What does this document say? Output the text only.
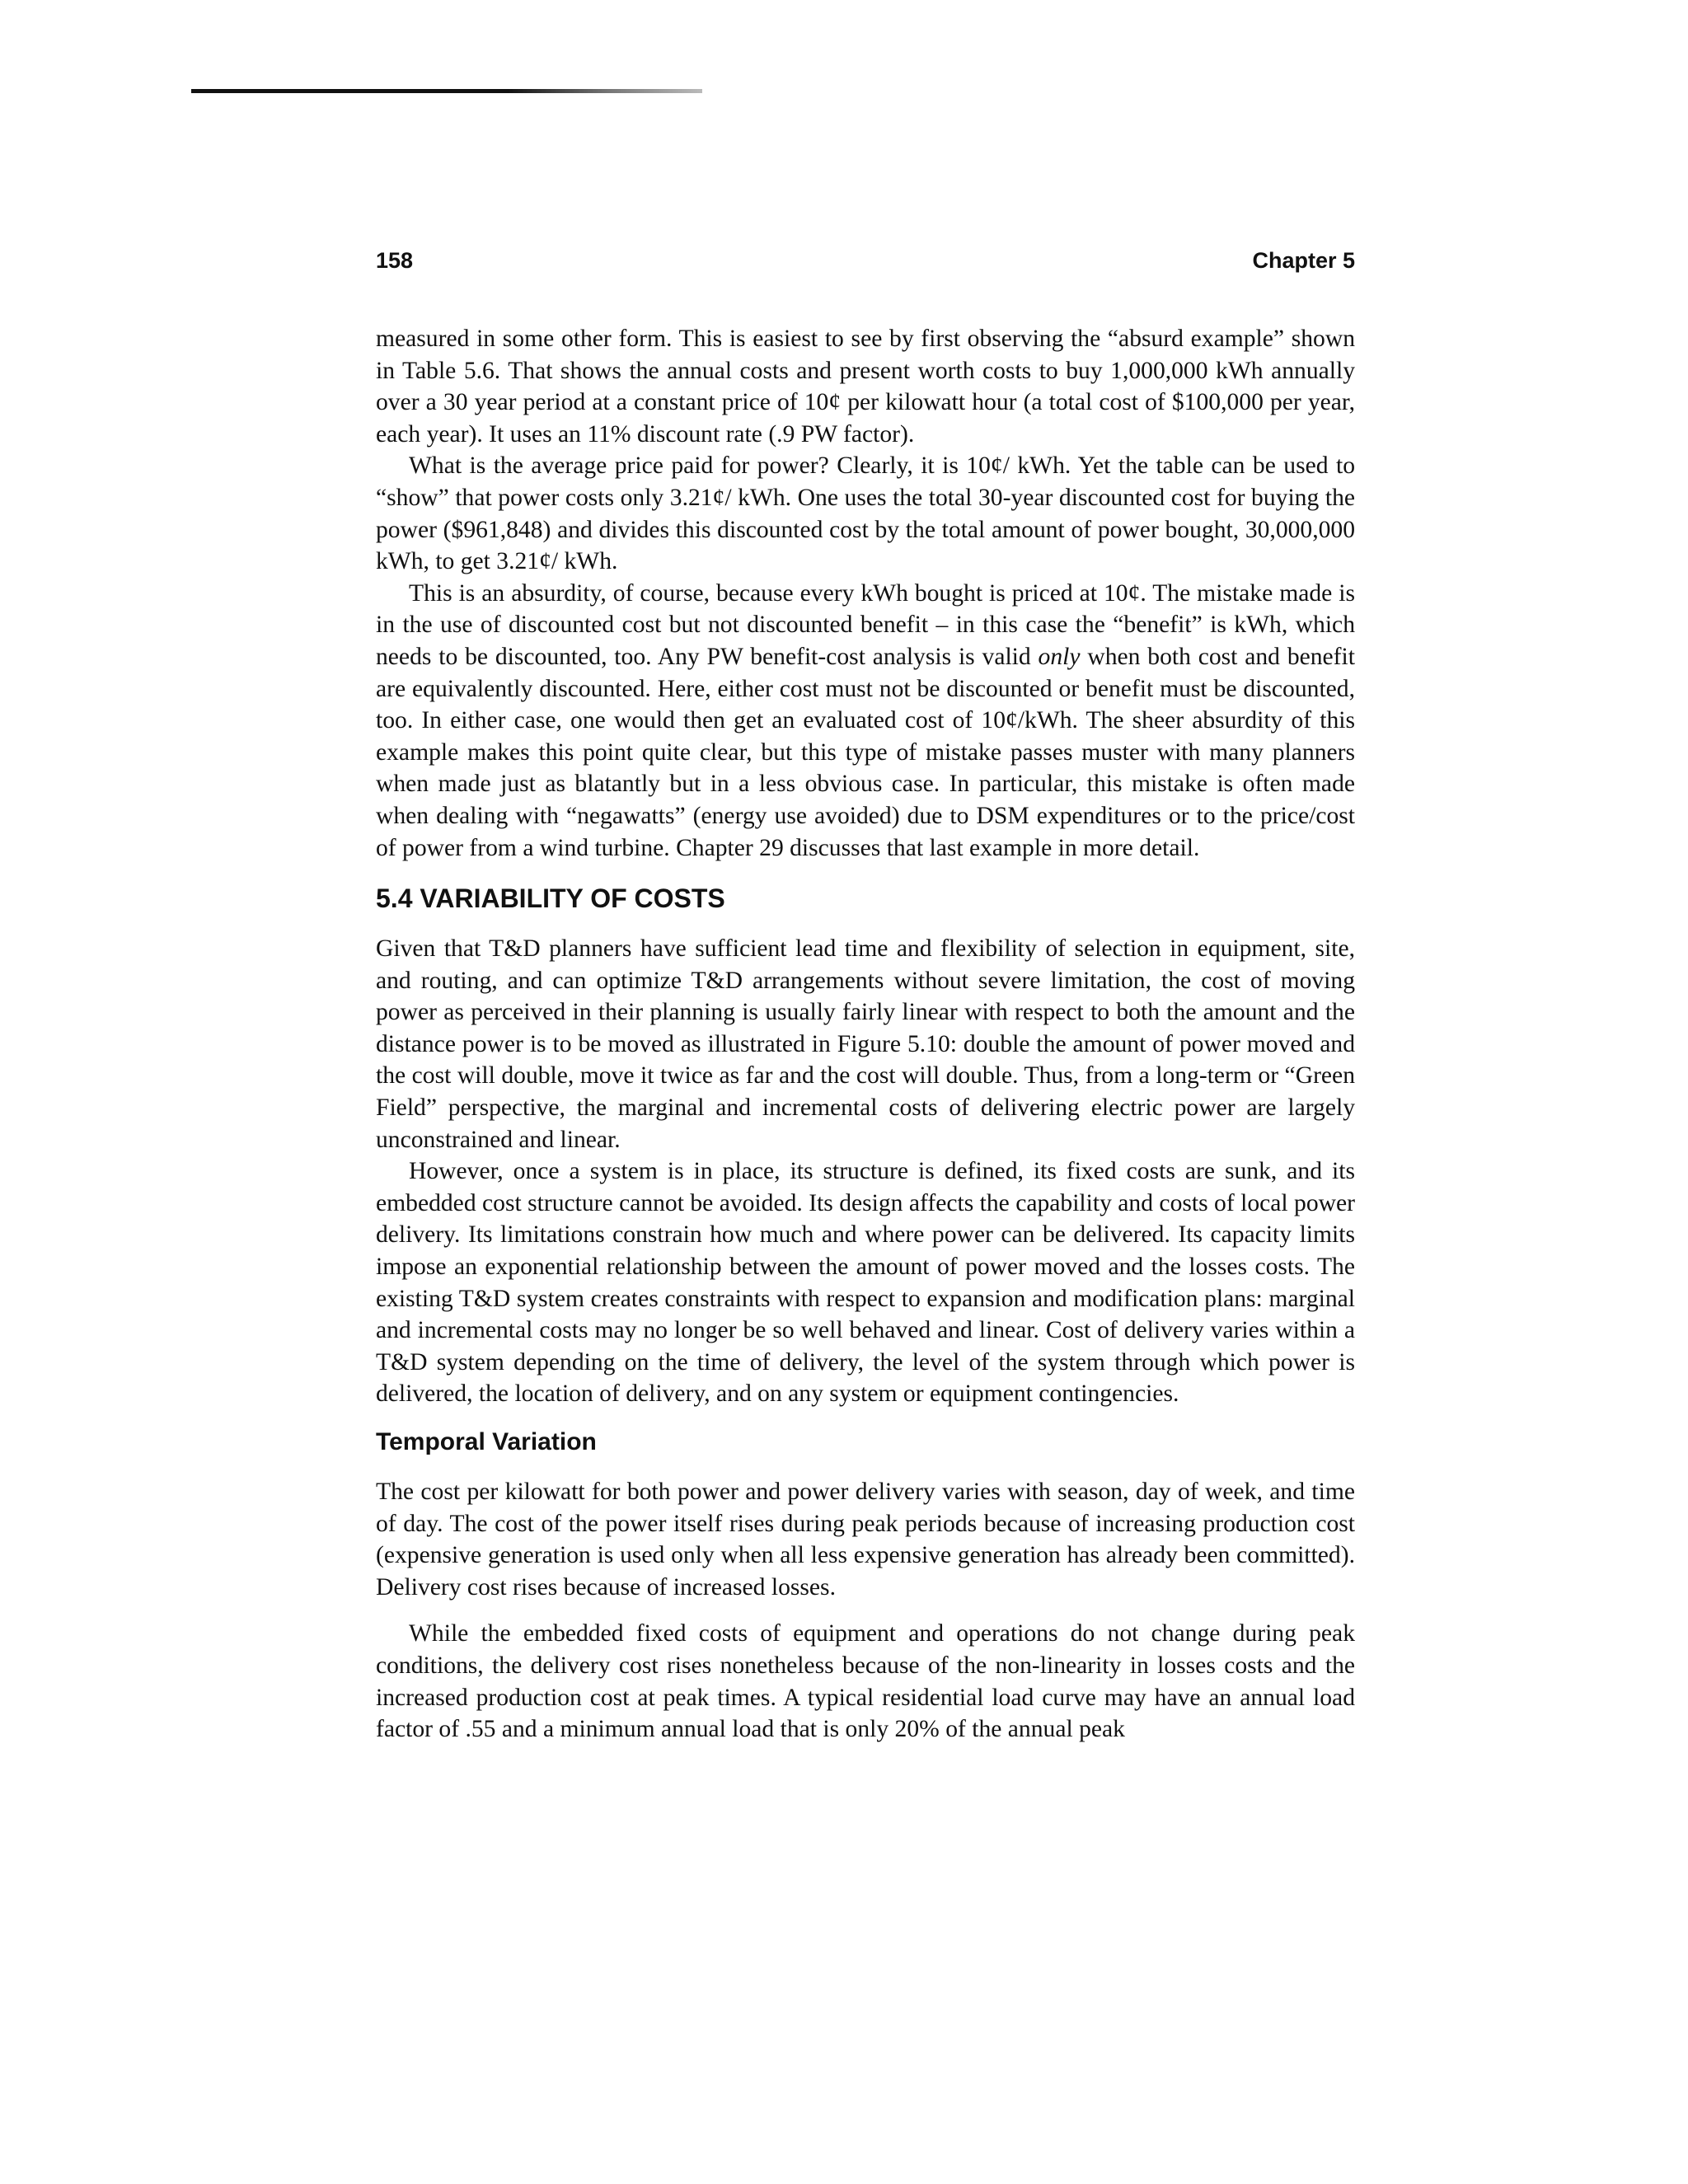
158	Chapter 5

measured in some other form. This is easiest to see by first observing the “absurd example” shown in Table 5.6. That shows the annual costs and present worth costs to buy 1,000,000 kWh annually over a 30 year period at a constant price of 10¢ per kilowatt hour (a total cost of $100,000 per year, each year). It uses an 11% discount rate (.9 PW factor).

What is the average price paid for power? Clearly, it is 10¢/ kWh. Yet the table can be used to “show” that power costs only 3.21¢/ kWh. One uses the total 30-year discounted cost for buying the power ($961,848) and divides this discounted cost by the total amount of power bought, 30,000,000 kWh, to get 3.21¢/ kWh.

This is an absurdity, of course, because every kWh bought is priced at 10¢. The mistake made is in the use of discounted cost but not discounted benefit – in this case the “benefit” is kWh, which needs to be discounted, too. Any PW benefit-cost analysis is valid only when both cost and benefit are equivalently discounted. Here, either cost must not be discounted or benefit must be discounted, too. In either case, one would then get an evaluated cost of 10¢/kWh. The sheer absurdity of this example makes this point quite clear, but this type of mistake passes muster with many planners when made just as blatantly but in a less obvious case. In particular, this mistake is often made when dealing with “negawatts” (energy use avoided) due to DSM expenditures or to the price/cost of power from a wind turbine. Chapter 29 discusses that last example in more detail.

5.4 VARIABILITY OF COSTS

Given that T&D planners have sufficient lead time and flexibility of selection in equipment, site, and routing, and can optimize T&D arrangements without severe limitation, the cost of moving power as perceived in their planning is usually fairly linear with respect to both the amount and the distance power is to be moved as illustrated in Figure 5.10: double the amount of power moved and the cost will double, move it twice as far and the cost will double. Thus, from a long-term or “Green Field” perspective, the marginal and incremental costs of delivering electric power are largely unconstrained and linear.

However, once a system is in place, its structure is defined, its fixed costs are sunk, and its embedded cost structure cannot be avoided. Its design affects the capability and costs of local power delivery. Its limitations constrain how much and where power can be delivered. Its capacity limits impose an exponential relationship between the amount of power moved and the losses costs. The existing T&D system creates constraints with respect to expansion and modification plans: marginal and incremental costs may no longer be so well behaved and linear. Cost of delivery varies within a T&D system depending on the time of delivery, the level of the system through which power is delivered, the location of delivery, and on any system or equipment contingencies.

Temporal Variation

The cost per kilowatt for both power and power delivery varies with season, day of week, and time of day. The cost of the power itself rises during peak periods because of increasing production cost (expensive generation is used only when all less expensive generation has already been committed). Delivery cost rises because of increased losses.

While the embedded fixed costs of equipment and operations do not change during peak conditions, the delivery cost rises nonetheless because of the non-linearity in losses costs and the increased production cost at peak times. A typical residential load curve may have an annual load factor of .55 and a minimum annual load that is only 20% of the annual peak
